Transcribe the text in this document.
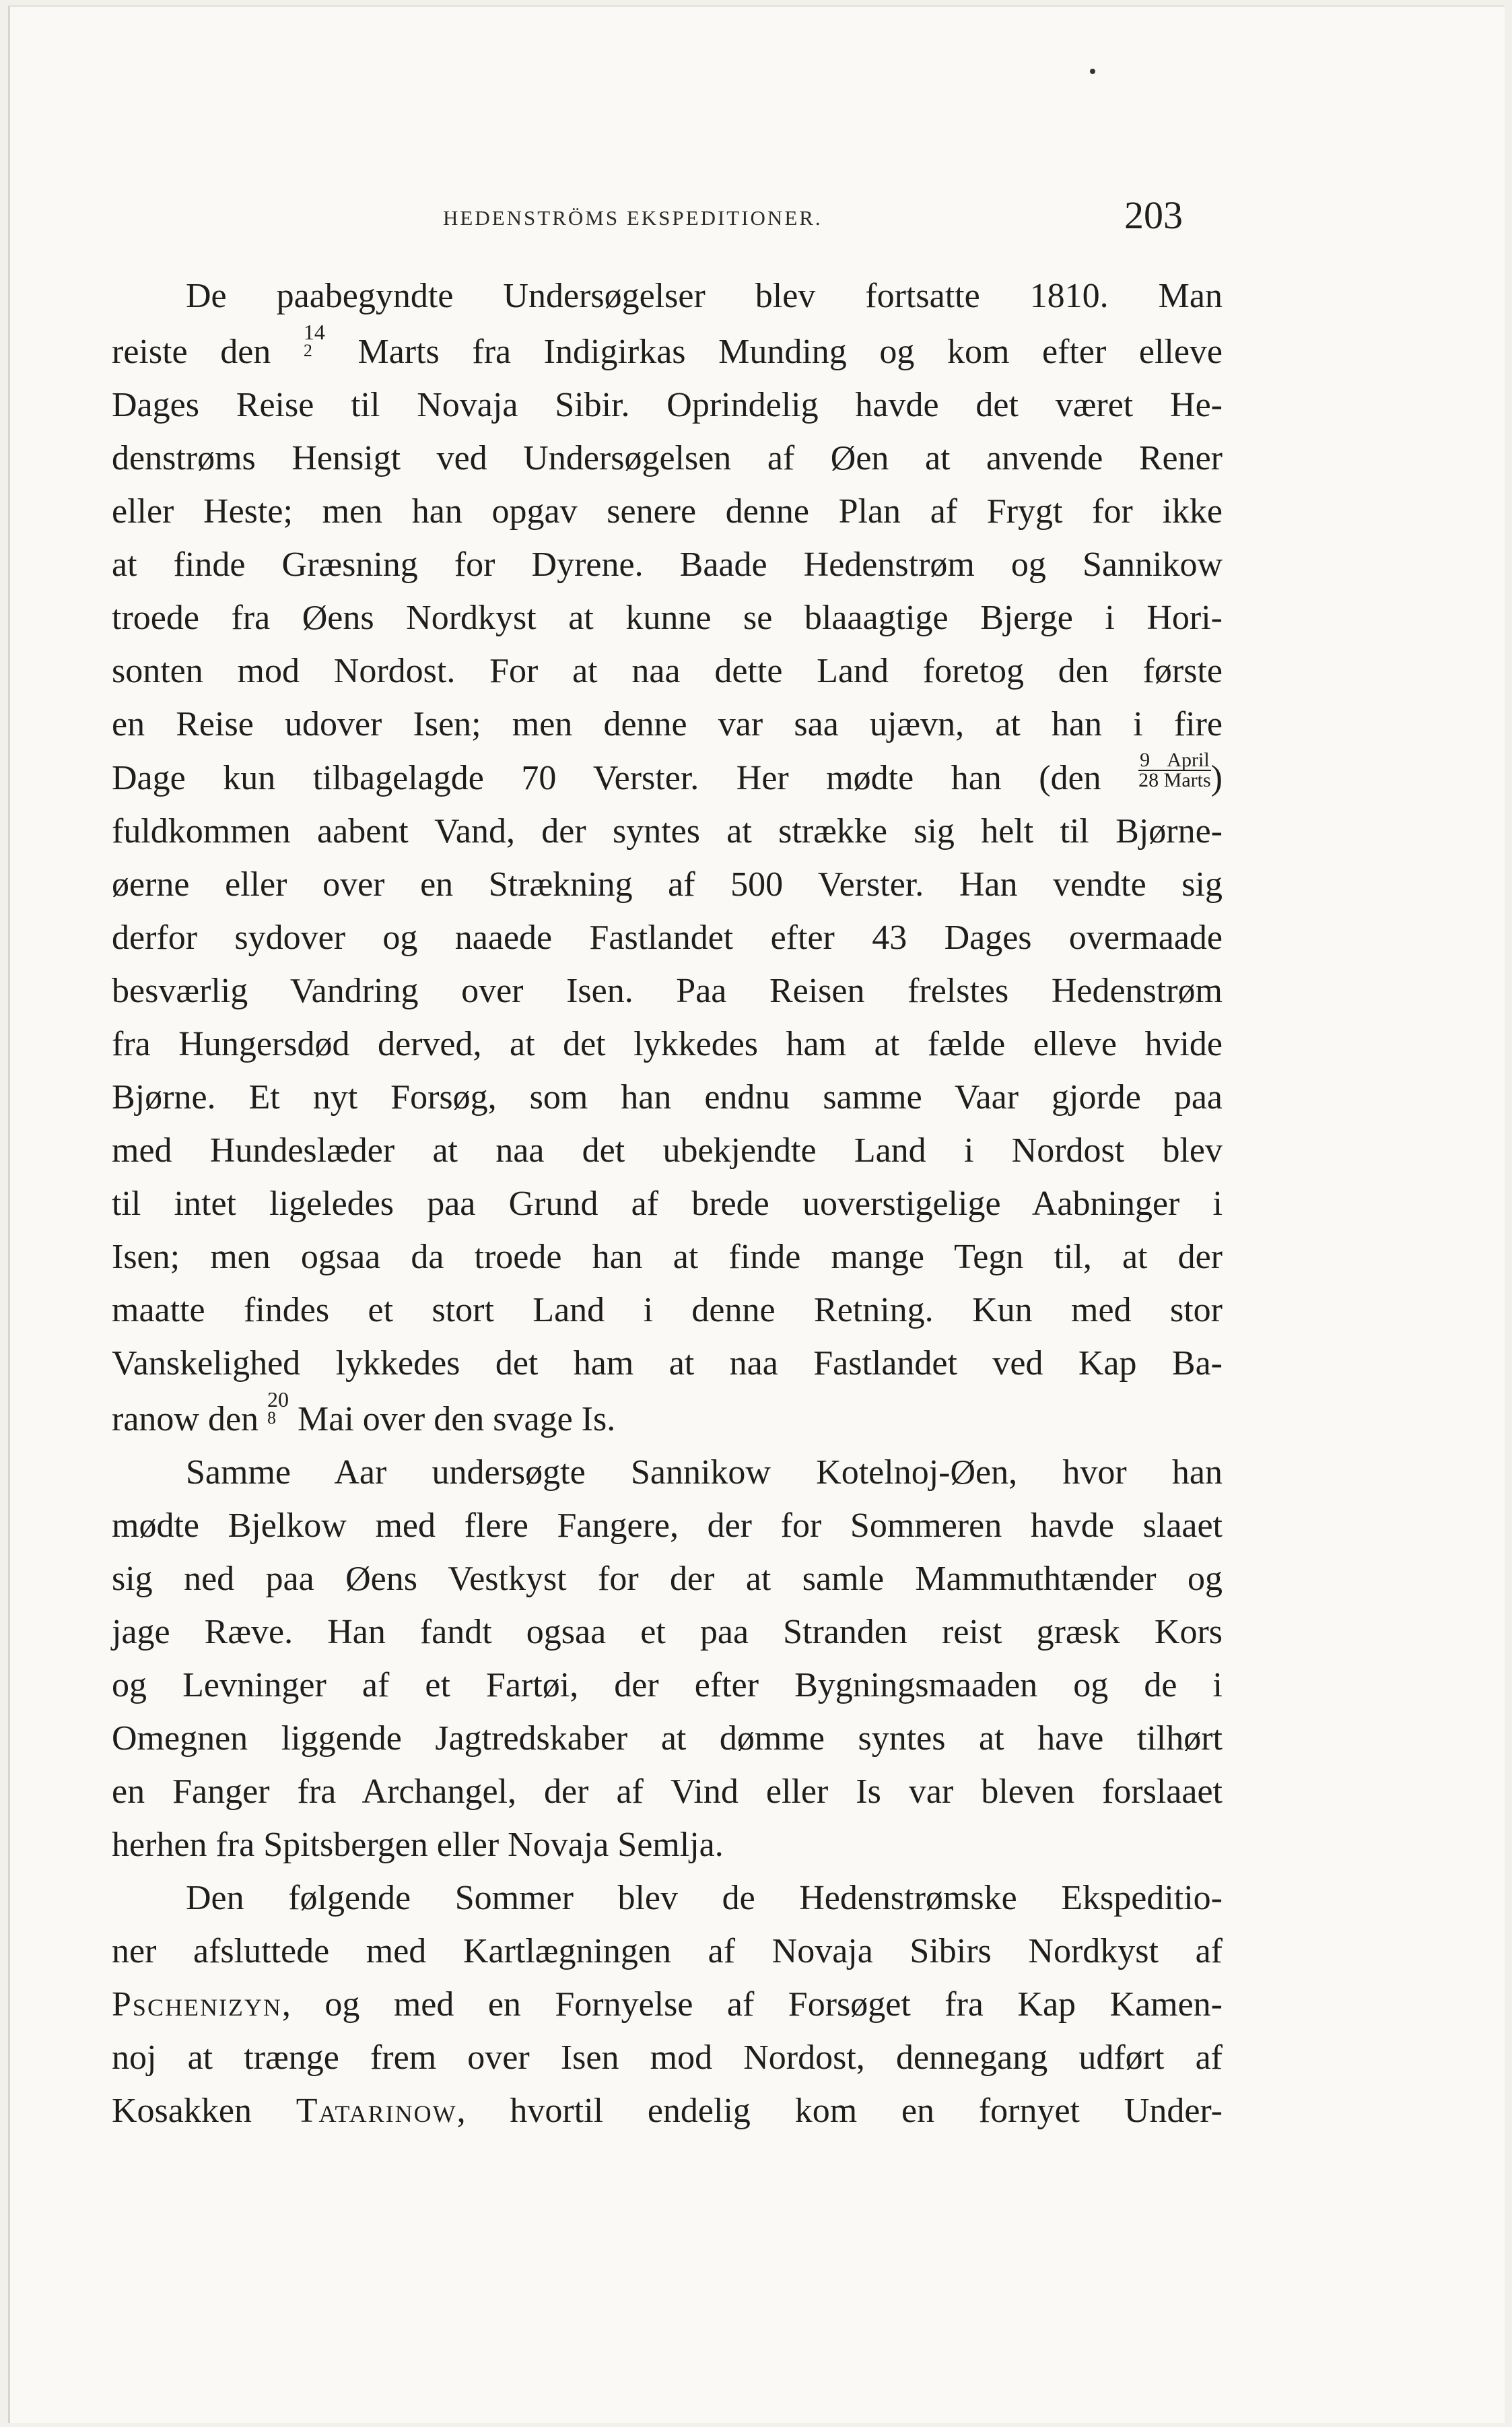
HEDENSTRÖMS EKSPEDITIONER.	203
De paabegyndte Undersøgelser blev fortsatte 1810. Man
reiste den
14
2	Marts fra Indigirkas Munding og kom efter elleve
Dages Reise til Novaja Sibir. Oprindelig havde det været He-
denstrøms Hensigt ved Undersøgelsen af Øen at anvende Rener
eller Heste; men han opgav senere denne Plan af Frygt for ikke
at finde Græsning for Dyrene. Baade Hedenstrøm og Sannikow
troede fra Øens Nordkyst at kunne se blaaagtige Bjerge i Hori-
sonten mod Nordost. For at naa dette Land foretog den første
en Reise udover Isen; men denne var saa ujævn, at han i fire
Dage kun tilbagelagde 70 Verster. Her mødte han ($den \frac{\text{9 April}}{\text{28 Marts}}$ )
fuldkommen aabent Vand, der syntes at strække sig helt til Bjørne-
øerne eller over en Strækning af 500 Verster. Han vendte sig
derfor sydover og naaede Fastlandet efter 43 Dages overmaade
besværlig Vandring over Isen. Paa Reisen frelstes Hedenstrøm
fra Hungersdød derved, at det lykkedes ham at fælde elleve hvide
Bjørne. Et nyt Forsøg, som han endnu samme Vaar gjorde paa
med Hundeslæder at naa det ubekjendte Land i Nordost blev
til intet ligeledes paa Grund af brede uoverstigelige Aabninger i
Isen; men ogsaa da troede han at finde mange Tegn til, at der
maatte findes et stort Land i denne Retning. Kun med stor
Vanskelighed lykkedes det ham at naa Fastlandet ved Kap Ba-
ranow den
20
8 Mai over den svage Is.
Samme Aar undersøgte Sannikow Kotelnoj-Øen, hvor han
mødte Bjelkow med flere Fangere, der for Sommeren havde slaaet
sig ned paa Øens Vestkyst for der at samle Mammuthtænder og
jage Ræve. Han fandt ogsaa et paa Stranden reist græsk Kors
og Levninger af et Fartøi, der efter Bygningsmaaden og de i
Omegnen liggende Jagtredskaber at dømme syntes at have tilhørt
en Fanger fra Archangel, der af Vind eller Is var bleven forslaaet
herhen fra Spitsbergen eller Novaja Semlja.
Den følgende Sommer blev de Hedenstrømske Ekspeditio-
ner afsluttede med Kartlægningen af Novaja Sibirs Nordkyst af
Pschenizyn, og med en Fornyelse af Forsøget fra Kap Kamen-
noj at trænge frem over Isen mod Nordost, dennegang udført af
Kosakken Tatarinow, hvortil endelig kom en fornyet Under-
